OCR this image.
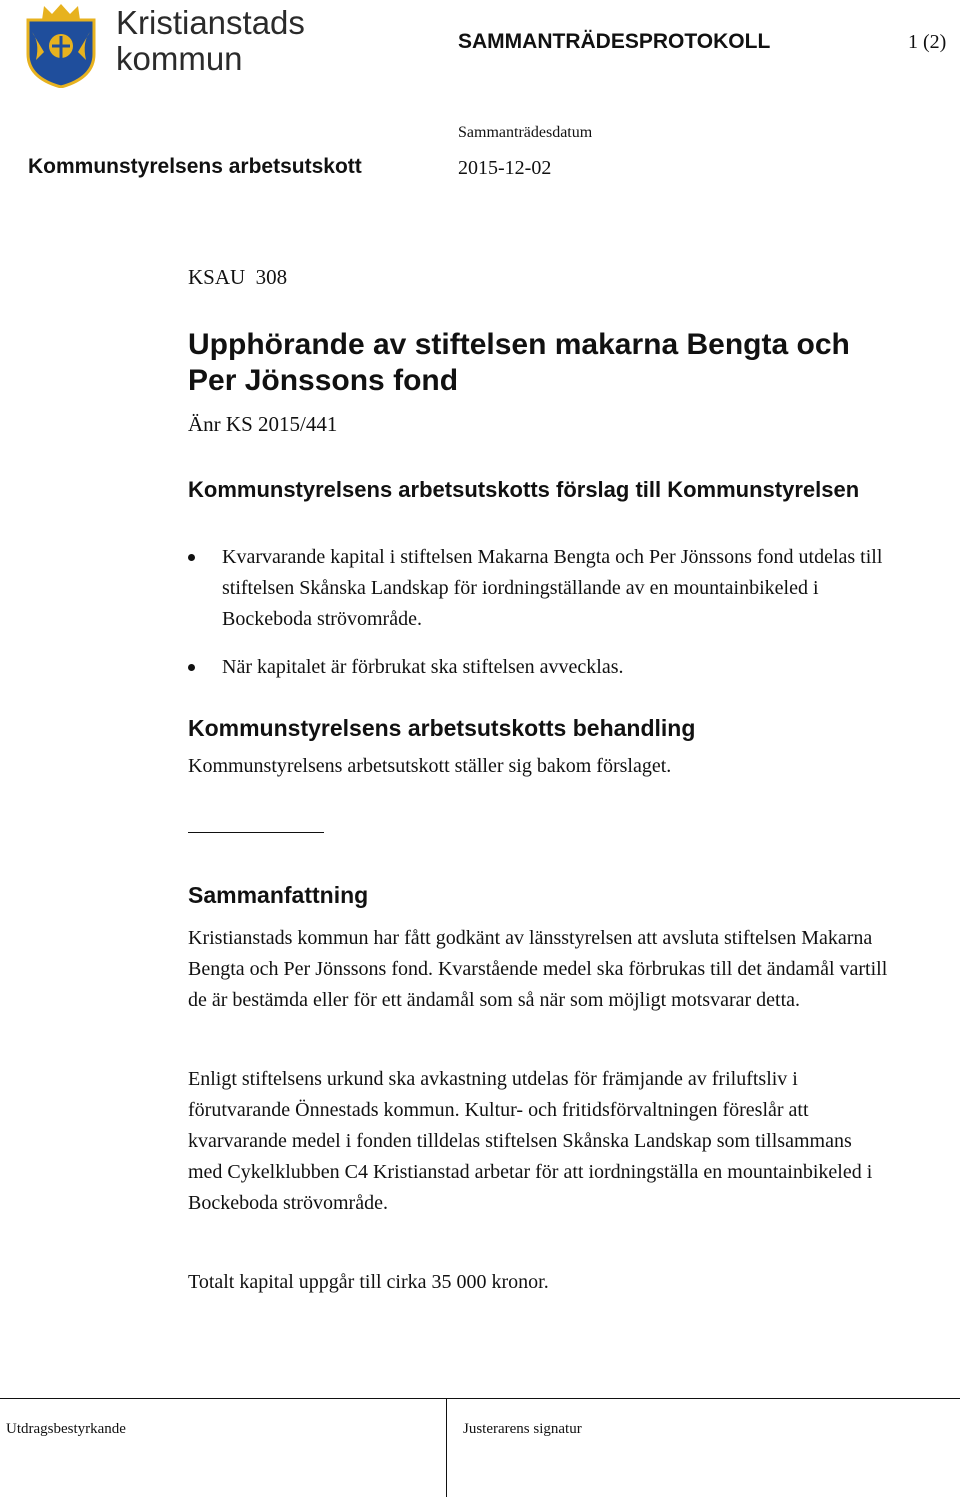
Kristianstads
kommun	SAMMANTRÄDESPROTOKOLL	1 (2)
Sammanträdesdatum
Kommunstyrelsens arbetsutskott	2015-12-02
KSAU  308
Upphörande av stiftelsen makarna Bengta och Per Jönssons fond
Änr KS 2015/441
Kommunstyrelsens arbetsutskotts förslag till Kommunstyrelsen
Kvarvarande kapital i stiftelsen Makarna Bengta och Per Jönssons fond utdelas till stiftelsen Skånska Landskap för iordningställande av en mountainbikeled i Bockeboda strövområde.
När kapitalet är förbrukat ska stiftelsen avvecklas.
Kommunstyrelsens arbetsutskotts behandling
Kommunstyrelsens arbetsutskott ställer sig bakom förslaget.
Sammanfattning

Kristianstads kommun har fått godkänt av länsstyrelsen att avsluta stiftelsen Makarna Bengta och Per Jönssons fond. Kvarstående medel ska förbrukas till det ändamål vartill de är bestämda eller för ett ändamål som så när som möjligt motsvarar detta.

Enligt stiftelsens urkund ska avkastning utdelas för främjande av friluftsliv i förutvarande Önnestads kommun. Kultur- och fritidsförvaltningen föreslår att kvarvarande medel i fonden tilldelas stiftelsen Skånska Landskap som tillsammans med Cykelklubben C4 Kristianstad arbetar för att iordningställa en mountainbikeled i Bockeboda strövområde.

Totalt kapital uppgår till cirka 35 000 kronor.

Utdragsbestyrkande	Justerarens signatur
